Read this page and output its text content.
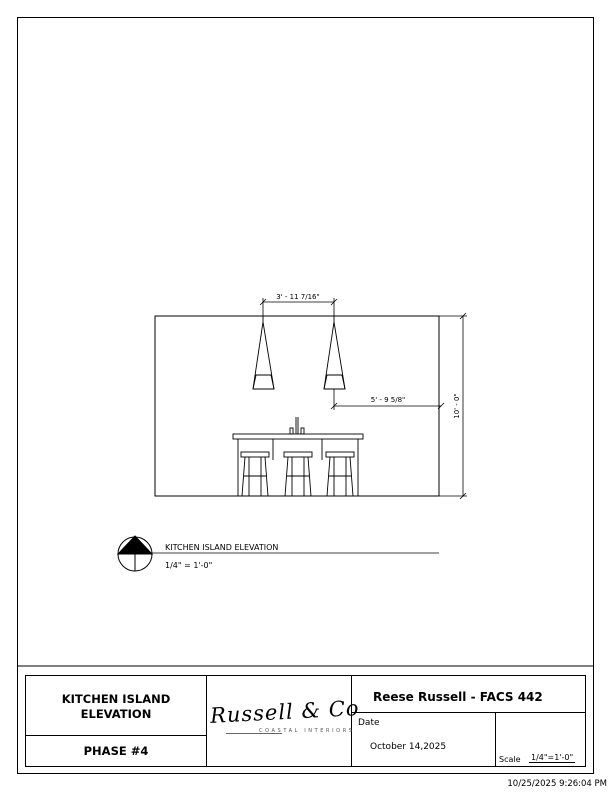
3' - 11 7/16"
5' - 9 5/8"	10' - 0"
KITCHEN ISLAND ELEVATION
1/4" = 1'-0"
KITCHEN ISLAND ELEVATION
PHASE #4
Russell & Co
COASTAL INTERIORS
Reese Russell - FACS 442
Date
October 14,2025
Scale 1/4"=1'-0"
10/25/2025 9:26:04 PM
